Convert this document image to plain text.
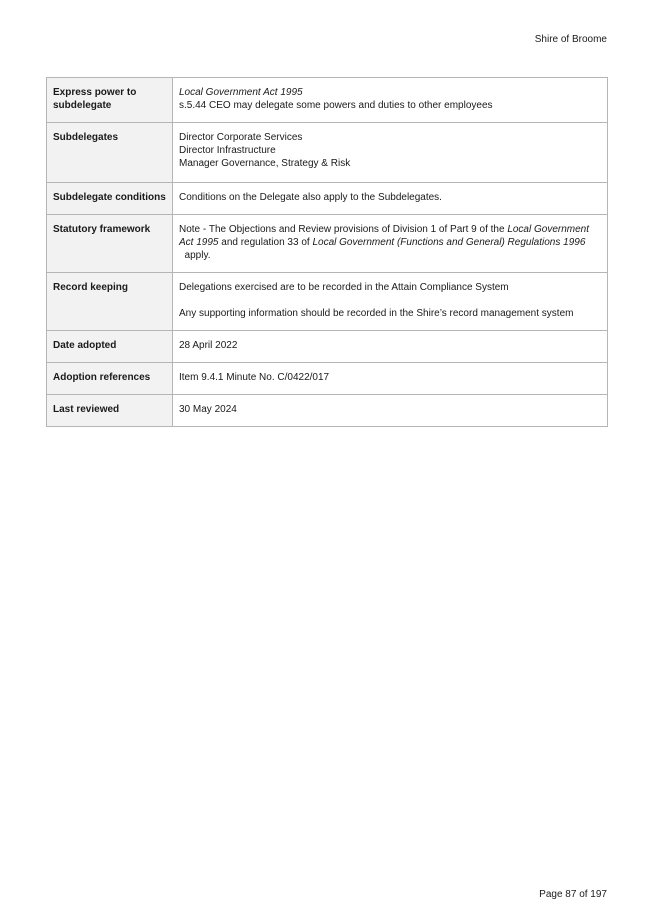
Shire of Broome
Express power to subdelegate	Local Government Act 1995
s.5.44 CEO may delegate some powers and duties to other employees

Subdelegates	Director Corporate Services
Director Infrastructure
Manager Governance, Strategy & Risk

Subdelegate conditions	Conditions on the Delegate also apply to the Subdelegates.
Statutory framework	Note - The Objections and Review provisions of Division 1 of Part 9 of the Local Government Act 1995 and regulation 33 of Local Government (Functions and General) Regulations 1996  apply.
Record keeping	Delegations exercised are to be recorded in the Attain Compliance System
Any supporting information should be recorded in the Shire’s record management system

Date adopted	28 April 2022
Adoption references	Item 9.4.1 Minute No. C/0422/017
Last reviewed	30 May 2024
Page 87 of 197
